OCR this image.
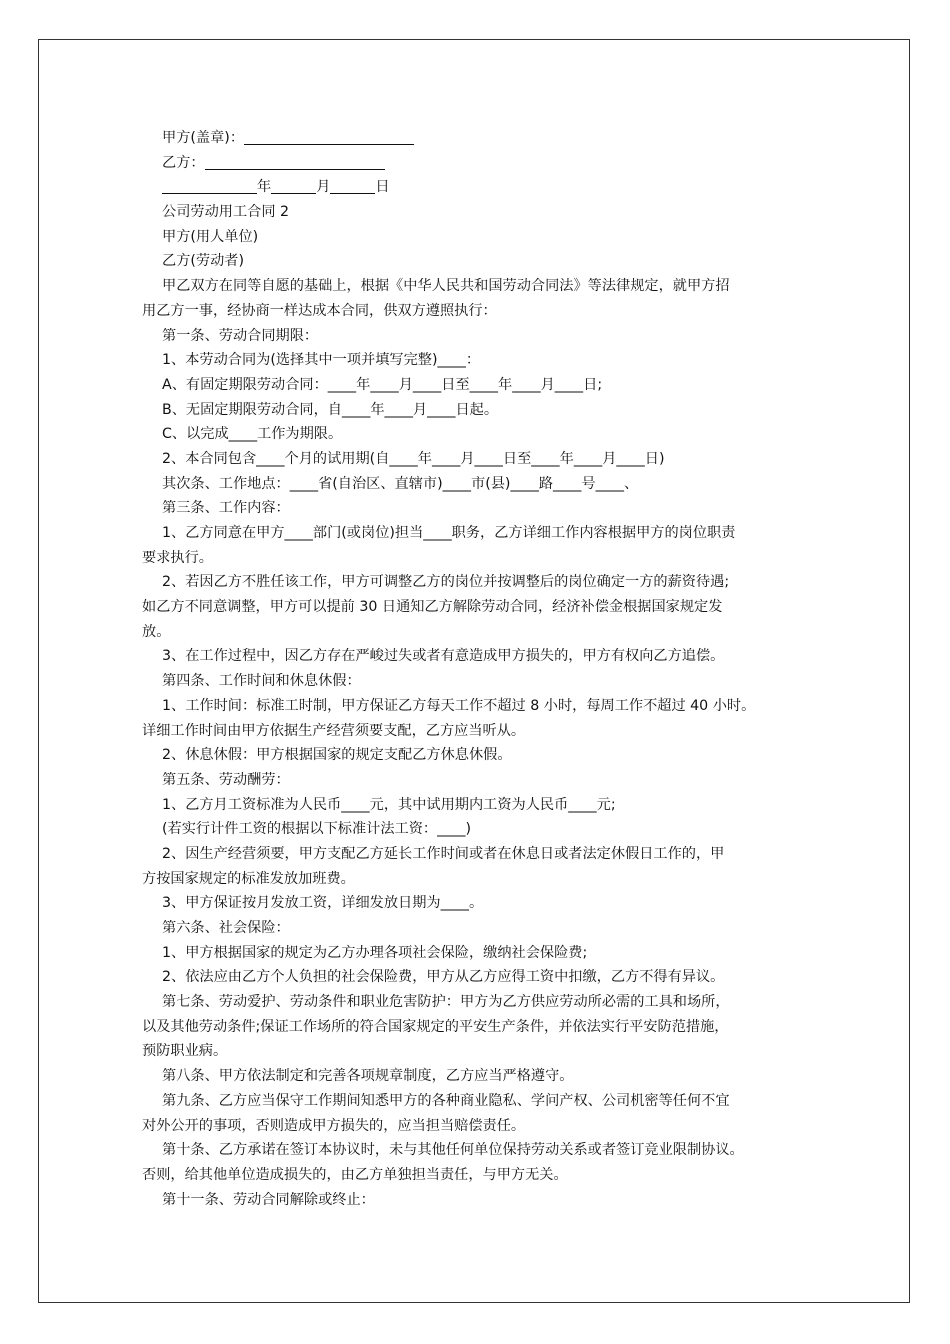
甲方(盖章)：
乙方：
年	月	日
公司劳动用工合同 2
甲方(用人单位)
乙方(劳动者)
甲乙双方在同等自愿的基础上，根据《中华人民共和国劳动合同法》等法律规定，就甲方招
用乙方一事，经协商一样达成本合同，供双方遵照执行：
第一条、劳动合同期限：
1、本劳动合同为(选择其中一项并填写完整)____：
A、有固定期限劳动合同：____年____月____日至____年____月____日;
B、无固定期限劳动合同，自____年____月____日起。
C、以完成____工作为期限。
2、本合同包含____个月的试用期(自____年____月____日至____年____月____日)
其次条、工作地点：____省(自治区、直辖市)____市(县)____路____号____、
第三条、工作内容：
1、乙方同意在甲方____部门(或岗位)担当____职务，乙方详细工作内容根据甲方的岗位职责
要求执行。
2、若因乙方不胜任该工作，甲方可调整乙方的岗位并按调整后的岗位确定一方的薪资待遇;
如乙方不同意调整，甲方可以提前 30 日通知乙方解除劳动合同，经济补偿金根据国家规定发
放。
3、在工作过程中，因乙方存在严峻过失或者有意造成甲方损失的，甲方有权向乙方追偿。
第四条、工作时间和休息休假：
1、工作时间：标准工时制，甲方保证乙方每天工作不超过 8 小时，每周工作不超过 40 小时。
详细工作时间由甲方依据生产经营须要支配，乙方应当听从。
2、休息休假：甲方根据国家的规定支配乙方休息休假。
第五条、劳动酬劳：
1、乙方月工资标准为人民币____元，其中试用期内工资为人民币____元;
(若实行计件工资的根据以下标准计法工资：____)
2、因生产经营须要，甲方支配乙方延长工作时间或者在休息日或者法定休假日工作的，甲
方按国家规定的标准发放加班费。
3、甲方保证按月发放工资，详细发放日期为____。
第六条、社会保险：
1、甲方根据国家的规定为乙方办理各项社会保险，缴纳社会保险费;
2、依法应由乙方个人负担的社会保险费，甲方从乙方应得工资中扣缴，乙方不得有异议。
第七条、劳动爱护、劳动条件和职业危害防护：甲方为乙方供应劳动所必需的工具和场所，
以及其他劳动条件;保证工作场所的符合国家规定的平安生产条件，并依法实行平安防范措施，
预防职业病。
第八条、甲方依法制定和完善各项规章制度，乙方应当严格遵守。
第九条、乙方应当保守工作期间知悉甲方的各种商业隐私、学问产权、公司机密等任何不宜
对外公开的事项，否则造成甲方损失的，应当担当赔偿责任。
第十条、乙方承诺在签订本协议时，未与其他任何单位保持劳动关系或者签订竞业限制协议。
否则，给其他单位造成损失的，由乙方单独担当责任，与甲方无关。
第十一条、劳动合同解除或终止：
